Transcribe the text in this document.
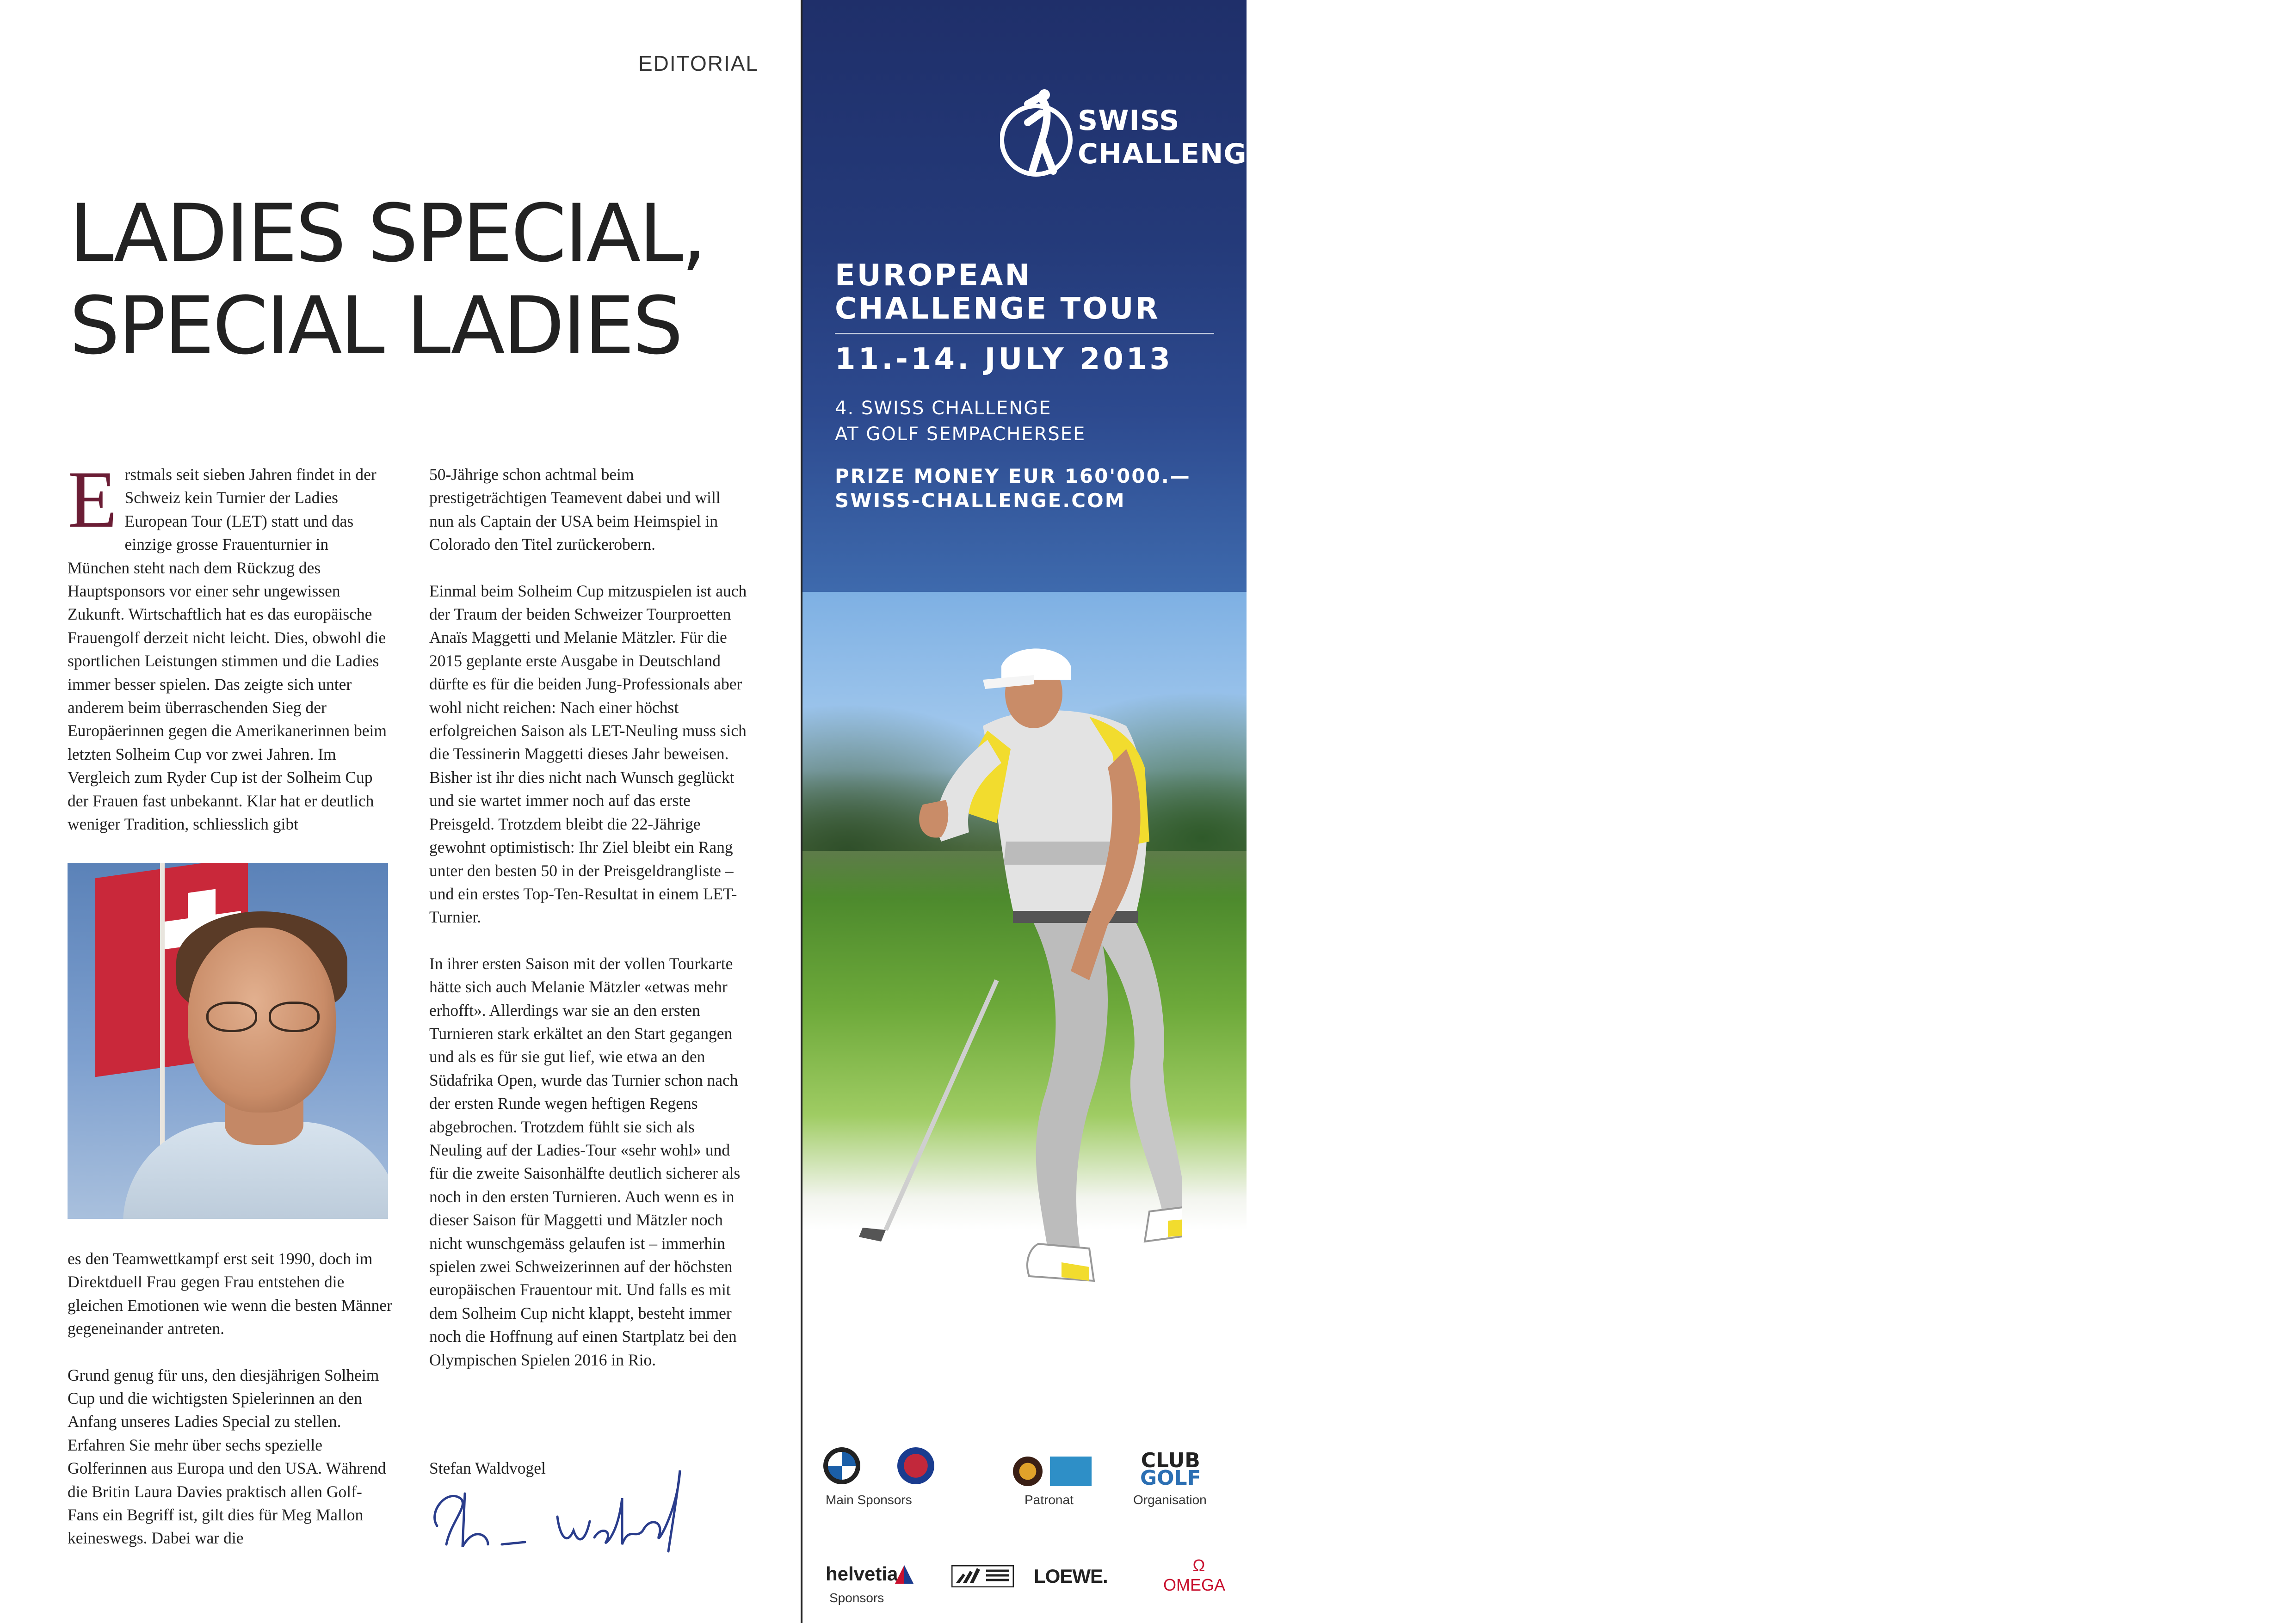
EDITORIAL
LADIES SPECIAL,
SPECIAL LADIES

Erstmals seit sieben Jahren findet in der Schweiz kein Turnier der Ladies European Tour (LET) statt und das einzige grosse Frauenturnier in München steht nach dem Rückzug des Hauptsponsors vor einer sehr ungewissen Zukunft. Wirtschaftlich hat es das europäische Frauengolf derzeit nicht leicht. Dies, obwohl die sportlichen Leistungen stimmen und die Ladies immer besser spielen. Das zeigte sich unter anderem beim überraschenden Sieg der Europäerinnen gegen die Amerikanerinnen beim letzten Solheim Cup vor zwei Jahren. Im Vergleich zum Ryder Cup ist der Solheim Cup der Frauen fast unbekannt. Klar hat er deutlich weniger Tradition, schliesslich gibt

es den Teamwettkampf erst seit 1990, doch im Direktduell Frau gegen Frau entstehen die gleichen Emotionen wie wenn die besten Männer gegeneinander antreten.

Grund genug für uns, den diesjährigen Solheim Cup und die wichtigsten Spielerinnen an den Anfang unseres Ladies Special zu stellen. Erfahren Sie mehr über sechs spezielle Golferinnen aus Europa und den USA. Während die Britin Laura Davies praktisch allen Golf-Fans ein Begriff ist, gilt dies für Meg Mallon keineswegs. Dabei war die

50-Jährige schon achtmal beim prestigeträchtigen Teamevent dabei und will nun als Captain der USA beim Heimspiel in Colorado den Titel zurückerobern.

Einmal beim Solheim Cup mitzuspielen ist auch der Traum der beiden Schweizer Tourproetten Anaïs Maggetti und Melanie Mätzler. Für die 2015 geplante erste Ausgabe in Deutschland dürfte es für die beiden Jung-Professionals aber wohl nicht reichen: Nach einer höchst erfolgreichen Saison als LET-Neuling muss sich die Tessinerin Maggetti dieses Jahr beweisen. Bisher ist ihr dies nicht nach Wunsch geglückt und sie wartet immer noch auf das erste Preisgeld. Trotzdem bleibt die 22-Jährige gewohnt optimistisch: Ihr Ziel bleibt ein Rang unter den besten 50 in der Preisgeldrangliste – und ein erstes Top-Ten-Resultat in einem LET-Turnier.

In ihrer ersten Saison mit der vollen Tourkarte hätte sich auch Melanie Mätzler «etwas mehr erhofft». Allerdings war sie an den ersten Turnieren stark erkältet an den Start gegangen und als es für sie gut lief, wie etwa an den Südafrika Open, wurde das Turnier schon nach der ersten Runde wegen heftigen Regens abgebrochen. Trotzdem fühlt sie sich als Neuling auf der Ladies-Tour «sehr wohl» und für die zweite Saisonhälfte deutlich sicherer als noch in den ersten Turnieren. Auch wenn es in dieser Saison für Maggetti und Mätzler noch nicht wunschgemäss gelaufen ist – immerhin spielen zwei Schweizerinnen auf der höchsten europäischen Frauentour mit. Und falls es mit dem Solheim Cup nicht klappt, besteht immer noch die Hoffnung auf einen Startplatz bei den Olympischen Spielen 2016 in Rio.

Stefan Waldvogel
SWISS
CHALLENGE
EUROPEAN
CHALLENGE TOUR
11.-14. JULY 2013
4. SWISS CHALLENGE
AT GOLF SEMPACHERSEE
PRIZE MONEY EUR 160'000.—
SWISS-CHALLENGE.COM
Main Sponsors	Patronat
CLUB
GOLF
Organisation
helvetia
Sponsors
LOEWE.	Ω
OMEGA
